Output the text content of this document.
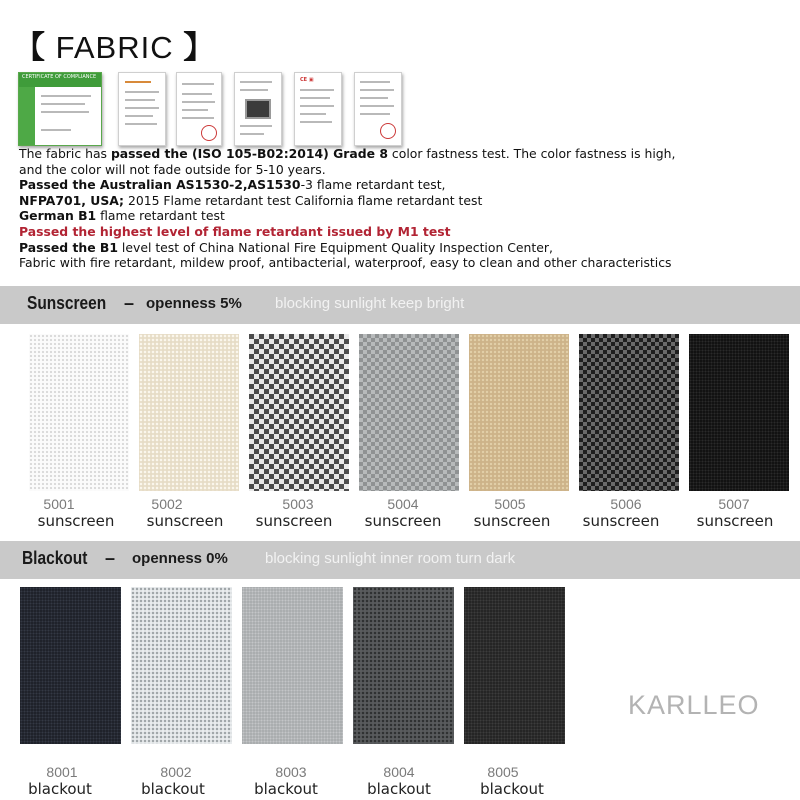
【 FABRIC 】
CERTIFICATE OF COMPLIANCE	CE ▣
The fabric has passed the (ISO 105-B02:2014) Grade 8 color fastness test. The color fastness is high,
and the color will not fade outside for 5-10 years.
Passed the Australian AS1530-2,AS1530-3 flame retardant test,
NFPA701, USA; 2015 Flame retardant test California flame retardant test
German B1 flame retardant test
Passed the highest level of flame retardant issued by M1 test
Passed the B1 level test of China National Fire Equipment Quality Inspection Center,
Fabric with fire retardant, mildew proof, antibacterial, waterproof, easy to clean and other characteristics
Sunscreen – openness 5% blocking sunlight keep bright
5001	5002	5003	5004	5005	5006	5007
sunscreen	sunscreen	sunscreen	sunscreen	sunscreen	sunscreen	sunscreen
Blackout – openness 0% blocking sunlight inner room turn dark
8001	8002	8003	8004	8005
blackout	blackout	blackout	blackout	blackout
KARLLEO
